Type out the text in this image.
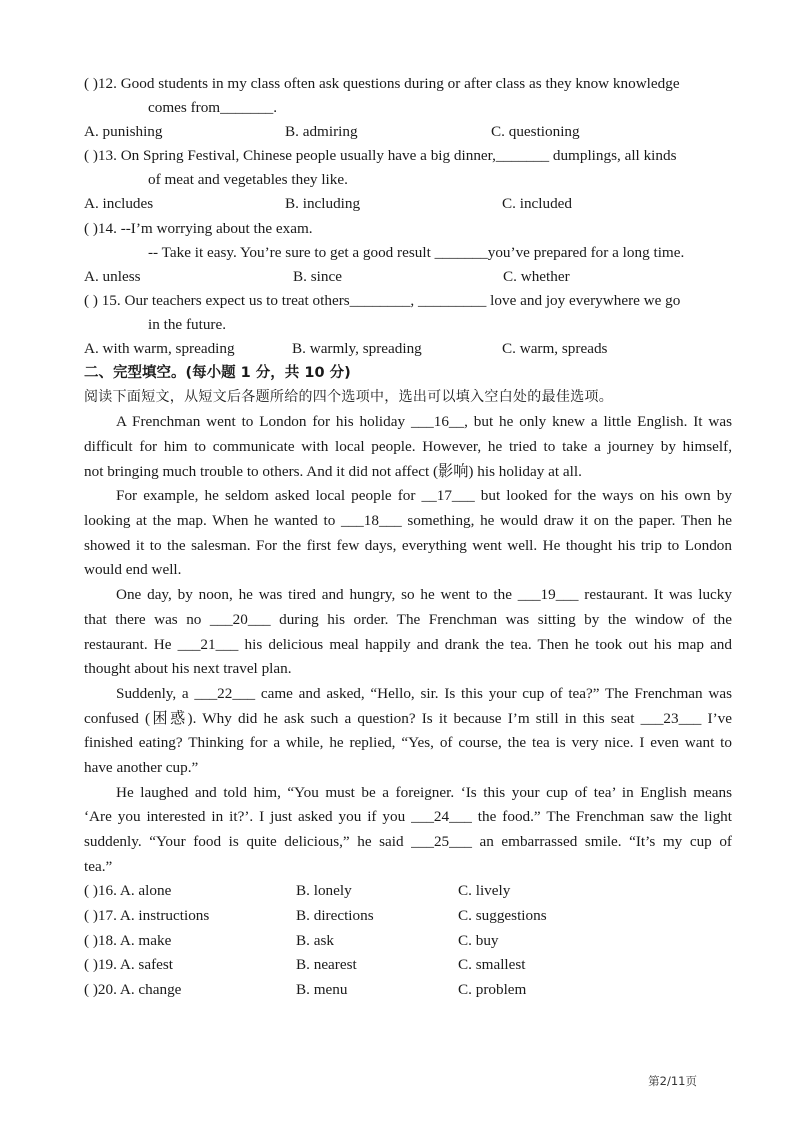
( )12. Good students in my class often ask questions during or after class as they know knowledge
comes from_______.
A. punishing	B. admiring	C. questioning
( )13. On Spring Festival, Chinese people usually have a big dinner,_______ dumplings, all kinds
of meat and vegetables they like.
A. includes	B. including	C. included
( )14. --I’m worrying about the exam.
-- Take it easy. You’re sure to get a good result _______you’ve prepared for a long time.
A. unless	B. since	C. whether
( ) 15. Our teachers expect us to treat others________, _________ love and joy everywhere we go
in the future.
A. with warm, spreading	B. warmly, spreading	C. warm, spreads
二、完型填空。(每小题 1 分，共 10 分)
阅读下面短文，从短文后各题所给的四个选项中，选出可以填入空白处的最佳选项。
A Frenchman went to London for his holiday ___16__, but he only knew a little English. It was
difficult for him to communicate with local people. However, he tried to take a journey by himself,
not bringing much trouble to others. And it did not affect (影响) his holiday at all.
For example, he seldom asked local people for __17___ but looked for the ways on his own by
looking at the map. When he wanted to ___18___ something, he would draw it on the paper. Then he
showed it to the salesman. For the first few days, everything went well. He thought his trip to London
would end well.
One day, by noon, he was tired and hungry, so he went to the ___19___ restaurant. It was lucky
that there was no ___20___ during his order. The Frenchman was sitting by the window of the
restaurant. He ___21___ his delicious meal happily and drank the tea. Then he took out his map and
thought about his next travel plan.
Suddenly, a ___22___ came and asked, “Hello, sir. Is this your cup of tea?” The Frenchman was
confused (困惑). Why did he ask such a question? Is it because I’m still in this seat ___23___ I’ve
finished eating? Thinking for a while, he replied, “Yes, of course, the tea is very nice. I even want to
have another cup.”
He laughed and told him, “You must be a foreigner. ‘Is this your cup of tea’ in English means
‘Are you interested in it?’. I just asked you if you ___24___ the food.” The Frenchman saw the light
suddenly. “Your food is quite delicious,” he said ___25___ an embarrassed smile. “It’s my cup of
tea.”
( )16. A. alone	B. lonely	C. lively
( )17. A. instructions	B. directions	C. suggestions
( )18. A. make	B. ask	C. buy
( )19. A. safest	B. nearest	C. smallest
( )20. A. change	B. menu	C. problem
第2/11页
